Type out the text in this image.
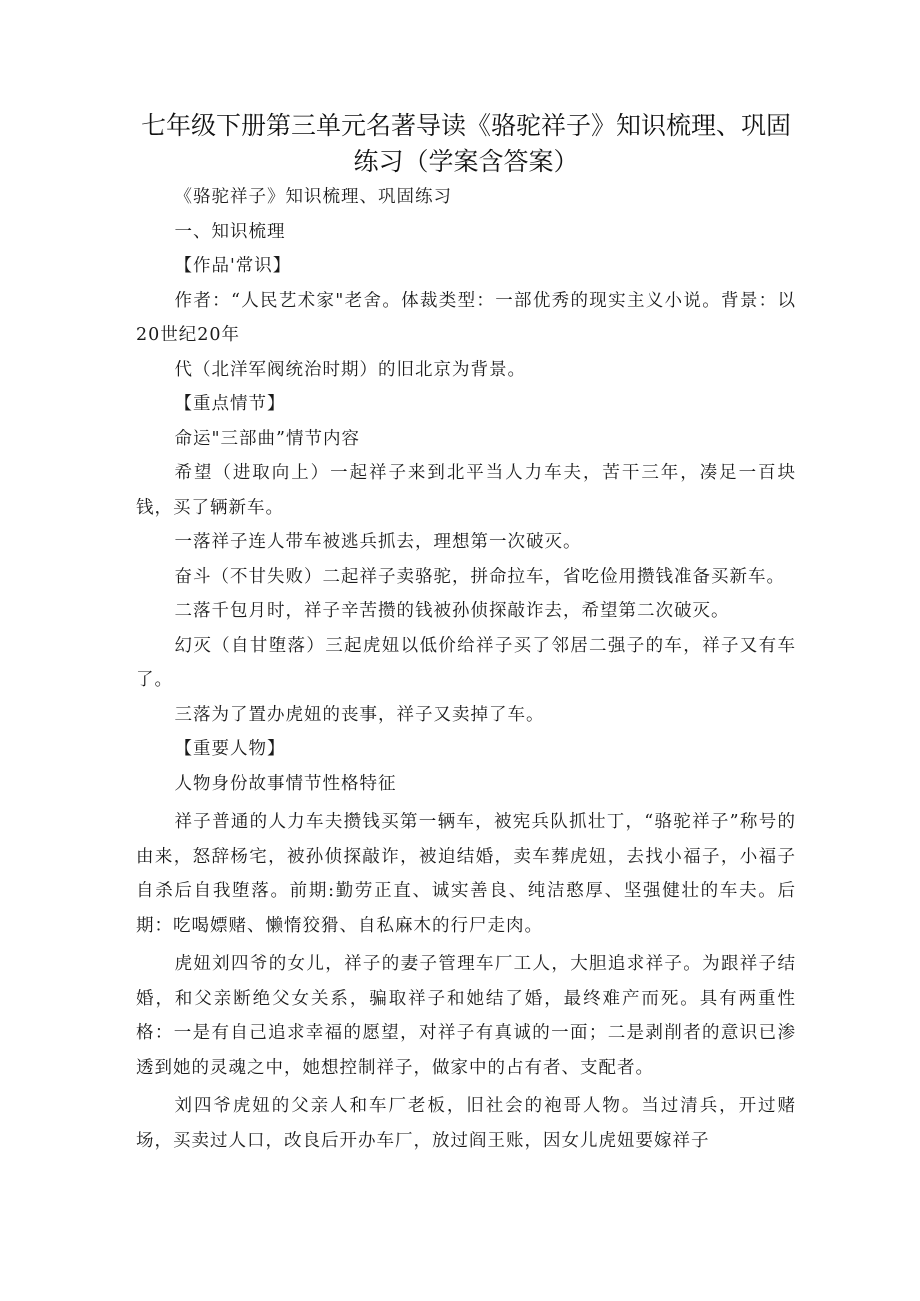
七年级下册第三单元名著导读《骆驼祥子》知识梳理、巩固练习（学案含答案）

《骆驼祥子》知识梳理、巩固练习

一、知识梳理

【作品'常识】

作者：“人民艺术家"老舍。体裁类型：一部优秀的现实主义小说。背景：以20世纪20年

代（北洋军阀统治时期）的旧北京为背景。

【重点情节】

命运"三部曲”情节内容

希望（进取向上）一起祥子来到北平当人力车夫，苦干三年，凑足一百块钱，买了辆新车。

一落祥子连人带车被逃兵抓去，理想第一次破灭。

奋斗（不甘失败）二起祥子卖骆驼，拼命拉车，省吃俭用攒钱准备买新车。

二落千包月时，祥子辛苦攒的钱被孙侦探敲诈去，希望第二次破灭。

幻灭（自甘堕落）三起虎妞以低价给祥子买了邻居二强子的车，祥子又有车了。

三落为了置办虎妞的丧事，祥子又卖掉了车。

【重要人物】

人物身份故事情节性格特征

祥子普通的人力车夫攒钱买第一辆车，被宪兵队抓壮丁，“骆驼祥子”称号的由来，怒辞杨宅，被孙侦探敲诈，被迫结婚，卖车葬虎妞，去找小福子，小福子自杀后自我堕落。前期:勤劳正直、诚实善良、纯洁憨厚、坚强健壮的车夫。后期：吃喝嫖赌、懒惰狡猾、自私麻木的行尸走肉。

虎妞刘四爷的女儿，祥子的妻子管理车厂工人，大胆追求祥子。为跟祥子结婚，和父亲断绝父女关系，骗取祥子和她结了婚，最终难产而死。具有两重性格：一是有自己追求幸福的愿望，对祥子有真诚的一面；二是剥削者的意识已渗透到她的灵魂之中，她想控制祥子，做家中的占有者、支配者。

刘四爷虎妞的父亲人和车厂老板，旧社会的袍哥人物。当过清兵，开过赌场，买卖过人口，改良后开办车厂，放过阎王账，因女儿虎妞要嫁祥子
